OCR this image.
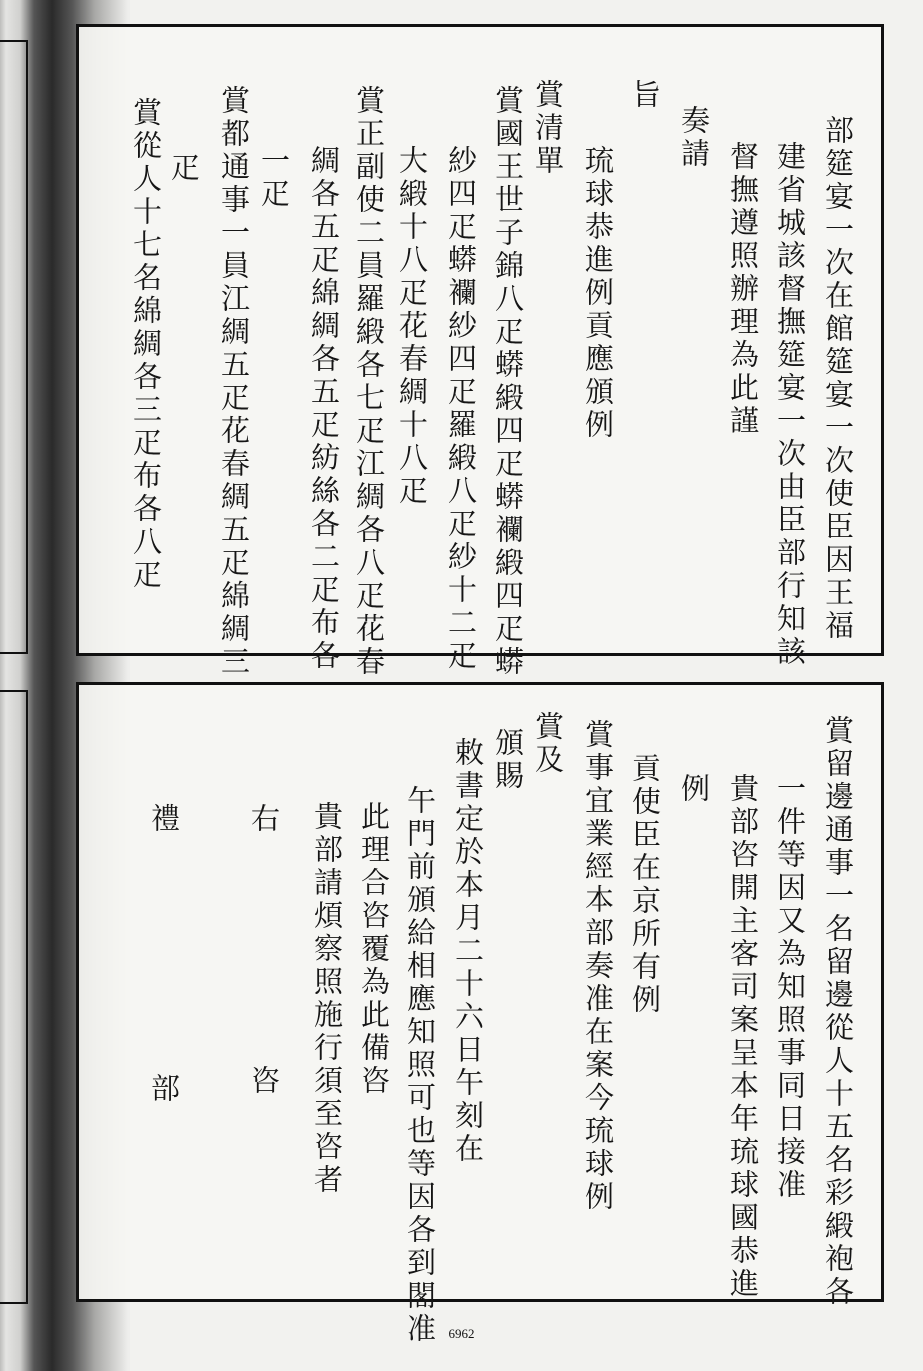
部筵宴一次在館筵宴一次使臣因王福
建省城該督撫筵宴一次由臣部行知該
督撫遵照辦理為此謹
奏請
旨
琉球恭進例貢應頒例
賞清單
賞國王世子錦八疋蟒緞四疋蟒襴緞四疋蟒
紗四疋蟒襴紗四疋羅緞八疋紗十二疋
大緞十八疋花春綢十八疋
賞正副使二員羅緞各七疋江綢各八疋花春
綢各五疋綿綢各五疋紡絲各二疋布各
一疋
賞都通事一員江綢五疋花春綢五疋綿綢三
疋
賞從人十七名綿綢各三疋布各八疋
賞留邊通事一名留邊從人十五名彩緞袍各
一件等因又為知照事同日接准
貴部咨開主客司案呈本年琉球國恭進
例
貢使臣在京所有例
賞事宜業經本部奏准在案今琉球例
賞及
頒賜
敕書定於本月二十六日午刻在
午門前頒給相應知照可也等因各到閣准
此理合咨覆為此備咨
貴部請煩察照施行須至咨者
右
咨
禮
部
6962
